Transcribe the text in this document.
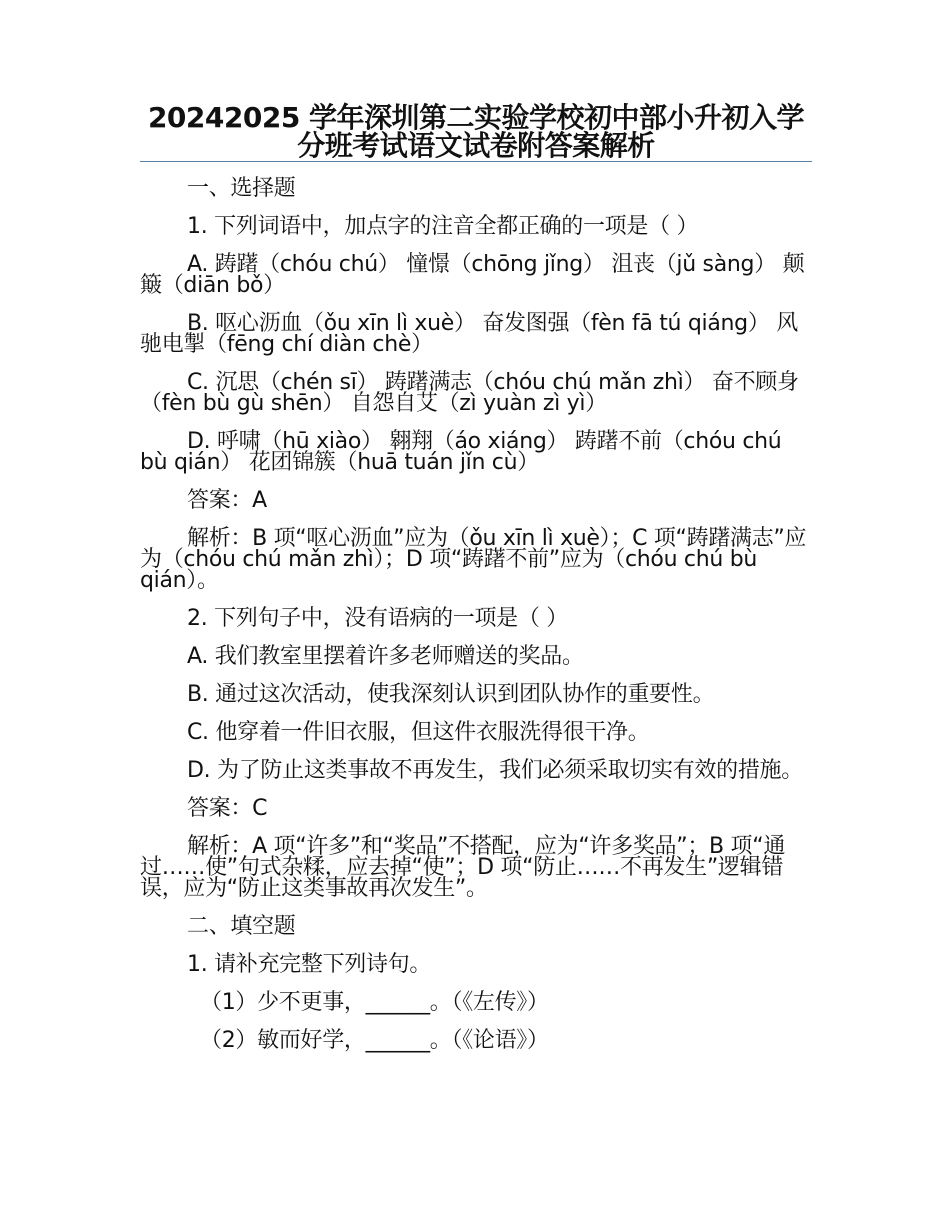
20242025 学年深圳第二实验学校初中部小升初入学分班考试语文试卷附答案解析

一、选择题

1. 下列词语中，加点字的注音全都正确的一项是（ ）

A. 踌躇（chóu chú） 憧憬（chōng jǐng） 沮丧（jǔ sàng） 颠簸（diān bǒ）

B. 呕心沥血（ǒu xīn lì xuè） 奋发图强（fèn fā tú qiáng） 风驰电掣（fēng chí diàn chè）

C. 沉思（chén sī） 踌躇满志（chóu chú mǎn zhì） 奋不顾身（fèn bù gù shēn） 自怨自艾（zì yuàn zì yì）

D. 呼啸（hū xiào） 翱翔（áo xiáng） 踌躇不前（chóu chú bù qián） 花团锦簇（huā tuán jǐn cù）

答案：A

解析：B 项“呕心沥血”应为（ǒu xīn lì xuè）；C 项“踌躇满志”应为（chóu chú mǎn zhì）；D 项“踌躇不前”应为（chóu chú bù qián）。

2. 下列句子中，没有语病的一项是（ ）

A. 我们教室里摆着许多老师赠送的奖品。

B. 通过这次活动，使我深刻认识到团队协作的重要性。

C. 他穿着一件旧衣服，但这件衣服洗得很干净。

D. 为了防止这类事故不再发生，我们必须采取切实有效的措施。

答案：C

解析：A 项“许多”和“奖品”不搭配，应为“许多奖品”；B 项“通过……使”句式杂糅，应去掉“使”；D 项“防止……不再发生”逻辑错误，应为“防止这类事故再次发生”。

二、填空题

1. 请补充完整下列诗句。

（1）少不更事，______。（《左传》）

（2）敏而好学，______。（《论语》）
